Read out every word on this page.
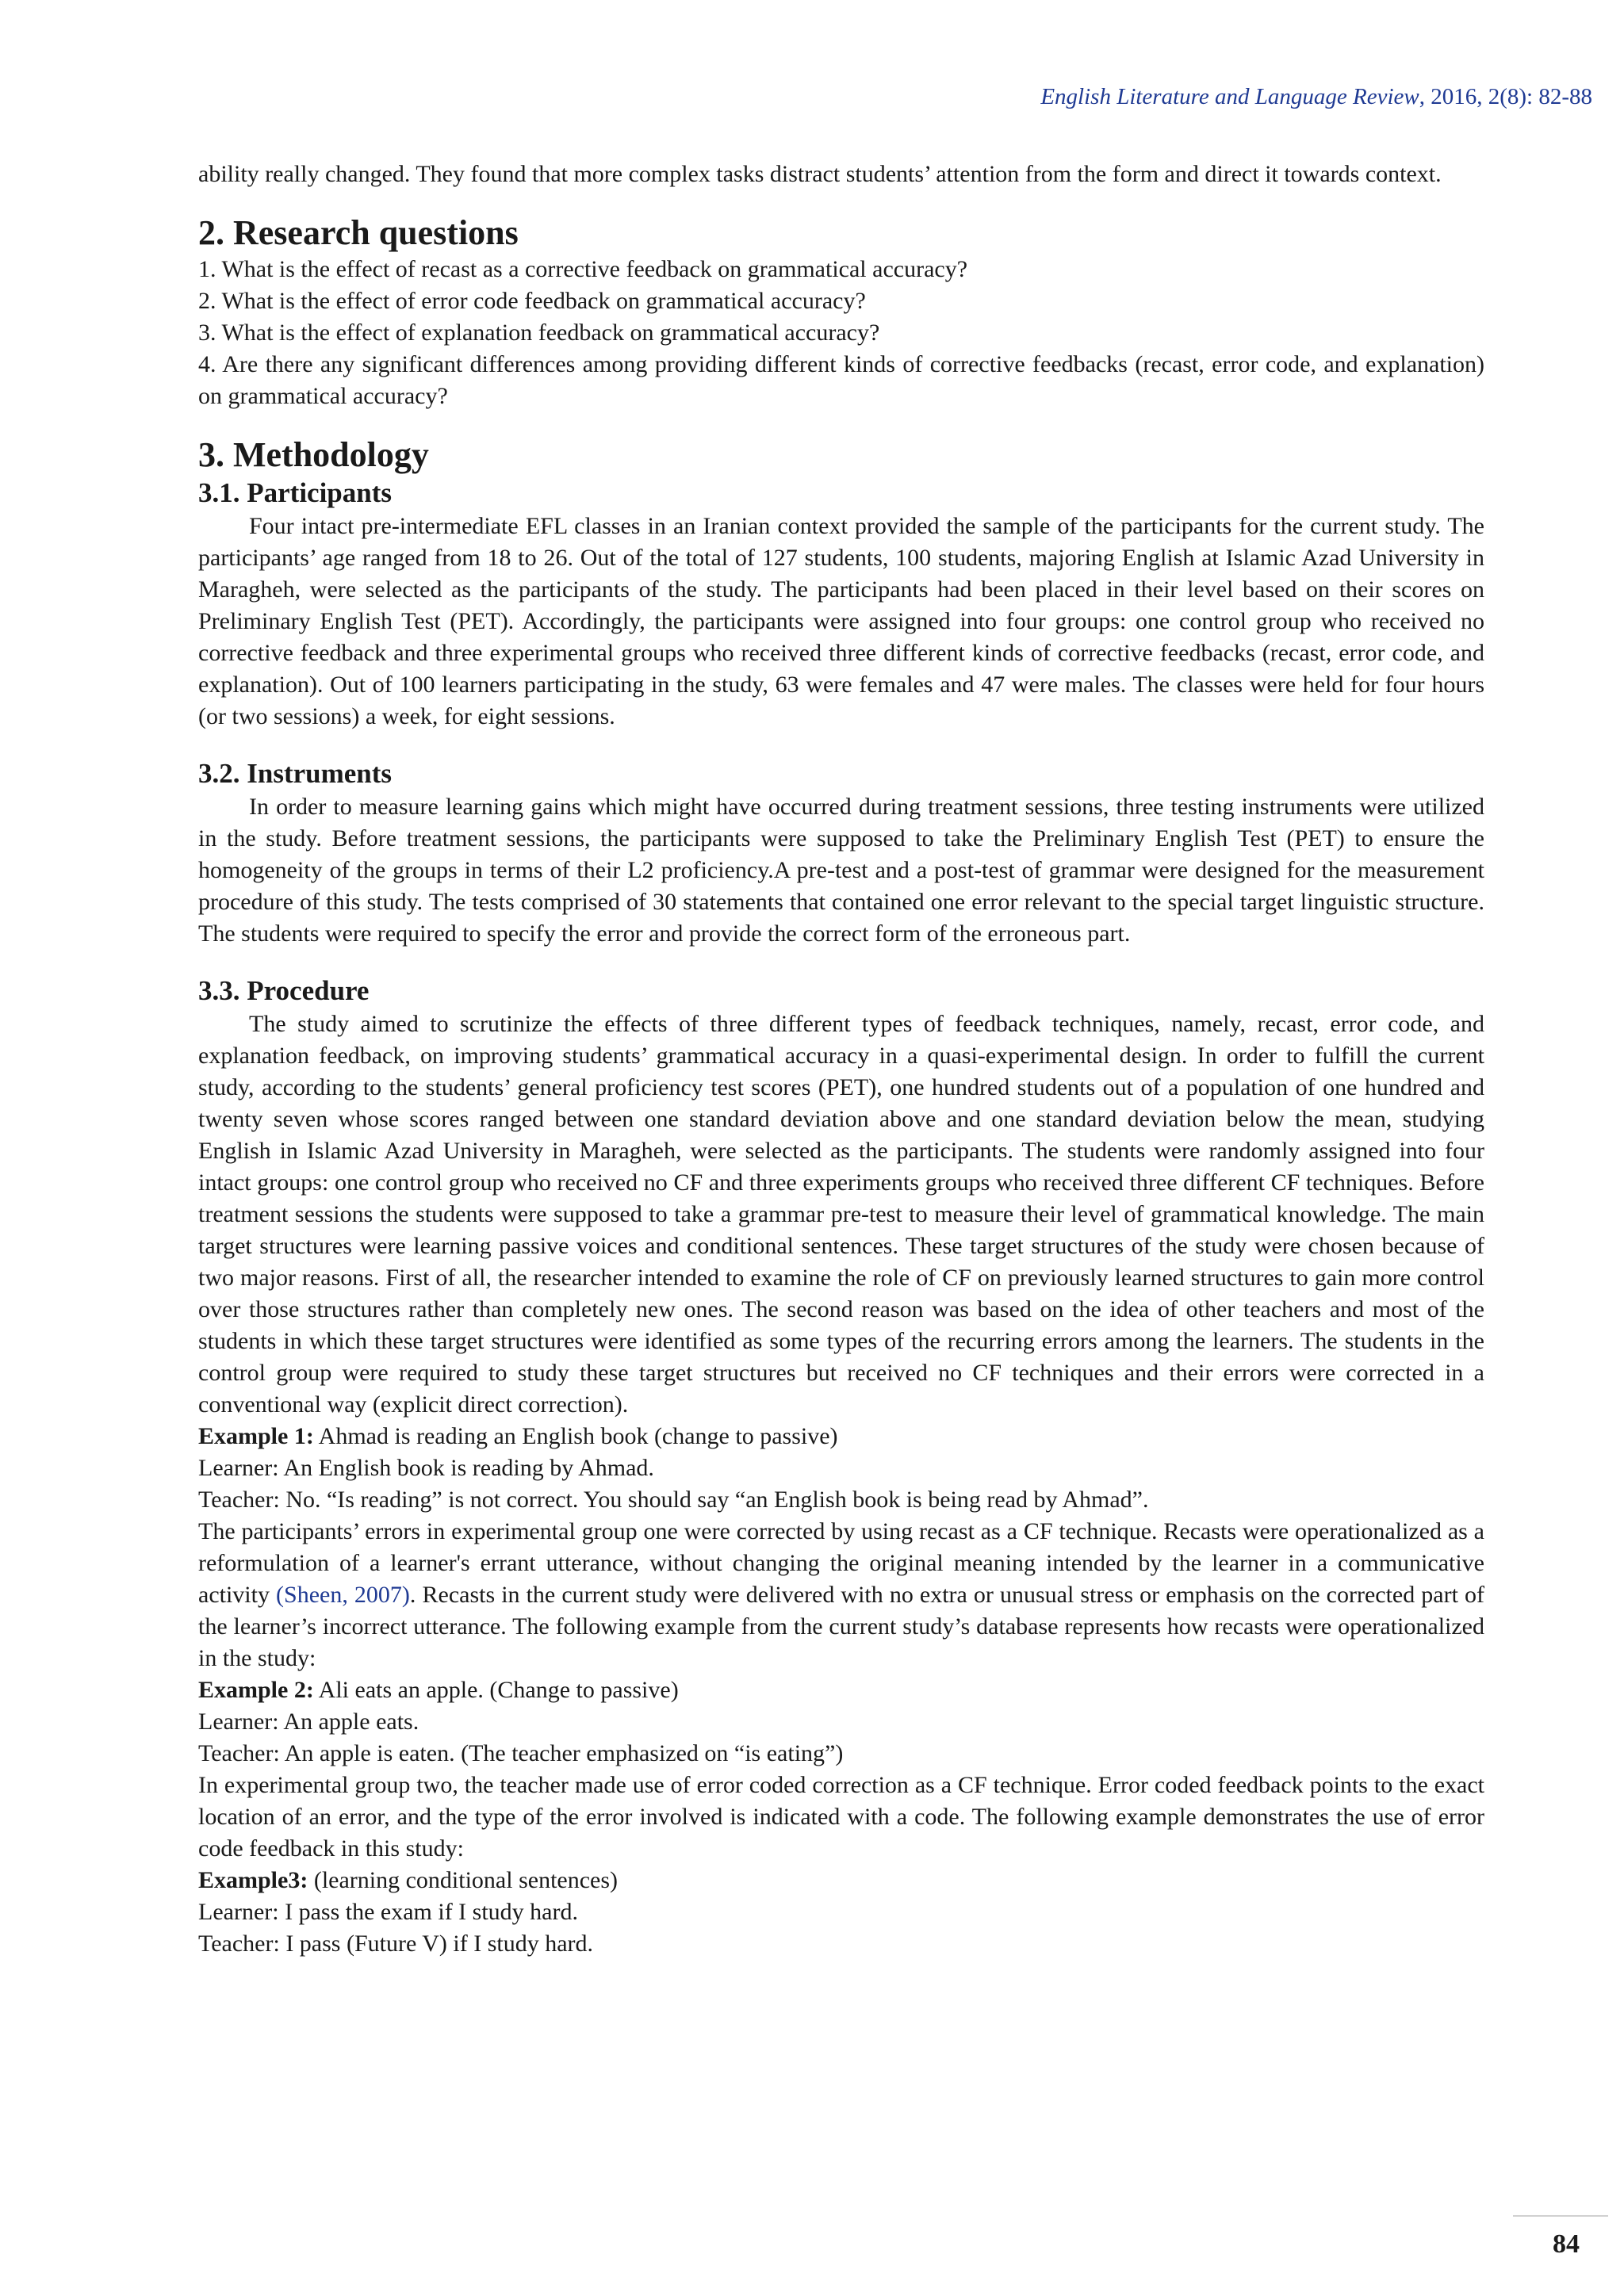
English Literature and Language Review, 2016, 2(8): 82-88

ability really changed. They found that more complex tasks distract students’ attention from the form and direct it towards context.

2. Research questions

1. What is the effect of recast as a corrective feedback on grammatical accuracy?

2. What is the effect of error code feedback on grammatical accuracy?

3. What is the effect of explanation feedback on grammatical accuracy?

4. Are there any significant differences among providing different kinds of corrective feedbacks (recast, error code, and explanation) on grammatical accuracy?

3. Methodology
3.1. Participants

Four intact pre-intermediate EFL classes in an Iranian context provided the sample of the participants for the current study. The participants’ age ranged from 18 to 26. Out of the total of 127 students, 100 students, majoring English at Islamic Azad University in Maragheh, were selected as the participants of the study. The participants had been placed in their level based on their scores on Preliminary English Test (PET). Accordingly, the participants were assigned into four groups: one control group who received no corrective feedback and three experimental groups who received three different kinds of corrective feedbacks (recast, error code, and explanation). Out of 100 learners participating in the study, 63 were females and 47 were males. The classes were held for four hours (or two sessions) a week, for eight sessions.

3.2. Instruments

In order to measure learning gains which might have occurred during treatment sessions, three testing instruments were utilized in the study. Before treatment sessions, the participants were supposed to take the Preliminary English Test (PET) to ensure the homogeneity of the groups in terms of their L2 proficiency.A pre-test and a post-test of grammar were designed for the measurement procedure of this study. The tests comprised of 30 statements that contained one error relevant to the special target linguistic structure. The students were required to specify the error and provide the correct form of the erroneous part.

3.3. Procedure

The study aimed to scrutinize the effects of three different types of feedback techniques, namely, recast, error code, and explanation feedback, on improving students’ grammatical accuracy in a quasi-experimental design. In order to fulfill the current study, according to the students’ general proficiency test scores (PET), one hundred students out of a population of one hundred and twenty seven whose scores ranged between one standard deviation above and one standard deviation below the mean, studying English in Islamic Azad University in Maragheh, were selected as the participants. The students were randomly assigned into four intact groups: one control group who received no CF and three experiments groups who received three different CF techniques. Before treatment sessions the students were supposed to take a grammar pre-test to measure their level of grammatical knowledge. The main target structures were learning passive voices and conditional sentences. These target structures of the study were chosen because of two major reasons. First of all, the researcher intended to examine the role of CF on previously learned structures to gain more control over those structures rather than completely new ones. The second reason was based on the idea of other teachers and most of the students in which these target structures were identified as some types of the recurring errors among the learners. The students in the control group were required to study these target structures but received no CF techniques and their errors were corrected in a conventional way (explicit direct correction).

Example 1: Ahmad is reading an English book (change to passive)

Learner: An English book is reading by Ahmad.

Teacher: No. “Is reading” is not correct. You should say “an English book is being read by Ahmad”.

The participants’ errors in experimental group one were corrected by using recast as a CF technique. Recasts were operationalized as a reformulation of a learner's errant utterance, without changing the original meaning intended by the learner in a communicative activity (Sheen, 2007). Recasts in the current study were delivered with no extra or unusual stress or emphasis on the corrected part of the learner’s incorrect utterance. The following example from the current study’s database represents how recasts were operationalized in the study:

Example 2: Ali eats an apple. (Change to passive)

Learner: An apple eats.

Teacher: An apple is eaten. (The teacher emphasized on “is eating”)

In experimental group two, the teacher made use of error coded correction as a CF technique. Error coded feedback points to the exact location of an error, and the type of the error involved is indicated with a code. The following example demonstrates the use of error code feedback in this study:

Example3: (learning conditional sentences)

Learner: I pass the exam if I study hard.

Teacher: I pass (Future V) if I study hard.

84
